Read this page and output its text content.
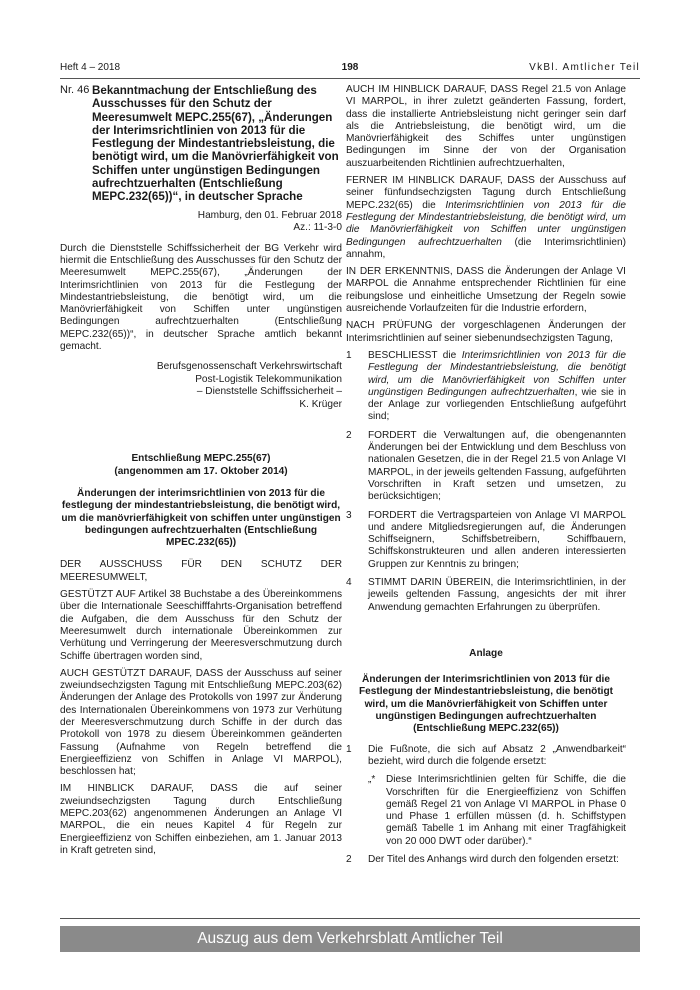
Heft 4 – 2018	198	VkBl. Amtlicher Teil
Nr. 46 Bekanntmachung der Entschließung des Ausschusses für den Schutz der Meeresumwelt MEPC.255(67), „Änderungen der Interimsrichtlinien von 2013 für die Festlegung der Mindestantriebsleistung, die benötigt wird, um die Manövrierfähigkeit von Schiffen unter ungünstigen Bedingungen aufrechtzuerhalten (Entschließung MEPC.232(65))“, in deutscher Sprache
Hamburg, den 01. Februar 2018
Az.: 11-3-0

Durch die Dienststelle Schiffssicherheit der BG Verkehr wird hiermit die Entschließung des Ausschusses für den Schutz der Meeresumwelt MEPC.255(67), „Änderungen der Interimsrichtlinien von 2013 für die Festlegung der Mindestantriebsleistung, die benötigt wird, um die Manövrierfähigkeit von Schiffen unter ungünstigen Bedingungen aufrechtzuerhalten (Entschließung MEPC.232(65))“, in deutscher Sprache amtlich bekannt gemacht.

Berufsgenossenschaft Verkehrswirtschaft
Post-Logistik Telekommunikation
– Dienststelle Schiffssicherheit –
K. Krüger
Entschließung MEPC.255(67)
(angenommen am 17. Oktober 2014)
Änderungen der interimsrichtlinien von 2013 für die festlegung der mindestantriebsleistung, die benötigt wird, um die manövrierfähigkeit von schiffen unter ungünstigen bedingungen aufrechtzuerhalten (Entschließung MPEC.232(65))

DER AUSSCHUSS FÜR DEN SCHUTZ DER MEERESUMWELT,

GESTÜTZT AUF Artikel 38 Buchstabe a des Übereinkommens über die Internationale Seeschifffahrts-Organisation betreffend die Aufgaben, die dem Ausschuss für den Schutz der Meeresumwelt durch internationale Übereinkommen zur Verhütung und Verringerung der Meeresverschmutzung durch Schiffe übertragen worden sind,

AUCH GESTÜTZT DARAUF, DASS der Ausschuss auf seiner zweiundsechzigsten Tagung mit Entschließung MEPC.203(62) Änderungen der Anlage des Protokolls von 1997 zur Änderung des Internationalen Übereinkommens von 1973 zur Verhütung der Meeresverschmutzung durch Schiffe in der durch das Protokoll von 1978 zu diesem Übereinkommen geänderten Fassung (Aufnahme von Regeln betreffend die Energieeffizienz von Schiffen in Anlage VI MARPOL), beschlossen hat;

IM HINBLICK DARAUF, DASS die auf seiner zweiundsechzigsten Tagung durch Entschließung MEPC.203(62) angenommenen Änderungen an Anlage VI MARPOL, die ein neues Kapitel 4 für Regeln zur Energieeffizienz von Schiffen einbeziehen, am 1. Januar 2013 in Kraft getreten sind,

AUCH IM HINBLICK DARAUF, DASS Regel 21.5 von Anlage VI MARPOL, in ihrer zuletzt geänderten Fassung, fordert, dass die installierte Antriebsleistung nicht geringer sein darf als die Antriebsleistung, die benötigt wird, um die Manövrierfähigkeit des Schiffes unter ungünstigen Bedingungen im Sinne der von der Organisation auszuarbeitenden Richtlinien aufrechtzuerhalten,

FERNER IM HINBLICK DARAUF, DASS der Ausschuss auf seiner fünfundsechzigsten Tagung durch Entschließung MEPC.232(65) die Interimsrichtlinien von 2013 für die Festlegung der Mindestantriebsleistung, die benötigt wird, um die Manövrierfähigkeit von Schiffen unter ungünstigen Bedingungen aufrechtzuerhalten (die Interimsrichtlinien) annahm,

IN DER ERKENNTNIS, DASS die Änderungen der Anlage VI MARPOL die Annahme entsprechender Richtlinien für eine reibungslose und einheitliche Umsetzung der Regeln sowie ausreichende Vorlaufzeiten für die Industrie erfordern,

NACH PRÜFUNG der vorgeschlagenen Änderungen der Interimsrichtlinien auf seiner siebenundsechzigsten Tagung,

1	BESCHLIESST die Interimsrichtlinien von 2013 für die Festlegung der Mindestantriebsleistung, die benötigt wird, um die Manövrierfähigkeit von Schiffen unter ungünstigen Bedingungen aufrechtzuerhalten, wie sie in der Anlage zur vorliegenden Entschließung aufgeführt sind;
2	FORDERT die Verwaltungen auf, die obengenannten Änderungen bei der Entwicklung und dem Beschluss von nationalen Gesetzen, die in der Regel 21.5 von Anlage VI MARPOL, in der jeweils geltenden Fassung, aufgeführten Vorschriften in Kraft setzen und umsetzen, zu berücksichtigen;
3	FORDERT die Vertragsparteien von Anlage VI MARPOL und andere Mitgliedsregierungen auf, die Änderungen Schiffseignern, Schiffsbetreibern, Schiffbauern, Schiffskonstrukteuren und allen anderen interessierten Gruppen zur Kenntnis zu bringen;
4	STIMMT DARIN ÜBEREIN, die Interimsrichtlinien, in der jeweils geltenden Fassung, angesichts der mit ihrer Anwendung gemachten Erfahrungen zu überprüfen.
Anlage
Änderungen der Interimsrichtlinien von 2013 für die Festlegung der Mindestantriebsleistung, die benötigt wird, um die Manövrierfähigkeit von Schiffen unter ungünstigen Bedingungen aufrechtzuerhalten (Entschließung MEPC.232(65))
1	Die Fußnote, die sich auf Absatz 2 „Anwendbarkeit“ bezieht, wird durch die folgende ersetzt:
„*	Diese Interimsrichtlinien gelten für Schiffe, die die Vorschriften für die Energieeffizienz von Schiffen gemäß Regel 21 von Anlage VI MARPOL in Phase 0 und Phase 1 erfüllen müssen (d. h. Schiffstypen gemäß Tabelle 1 im Anhang mit einer Tragfähigkeit von 20 000 DWT oder darüber).“
2	Der Titel des Anhangs wird durch den folgenden ersetzt:
Auszug aus dem Verkehrsblatt Amtlicher Teil
